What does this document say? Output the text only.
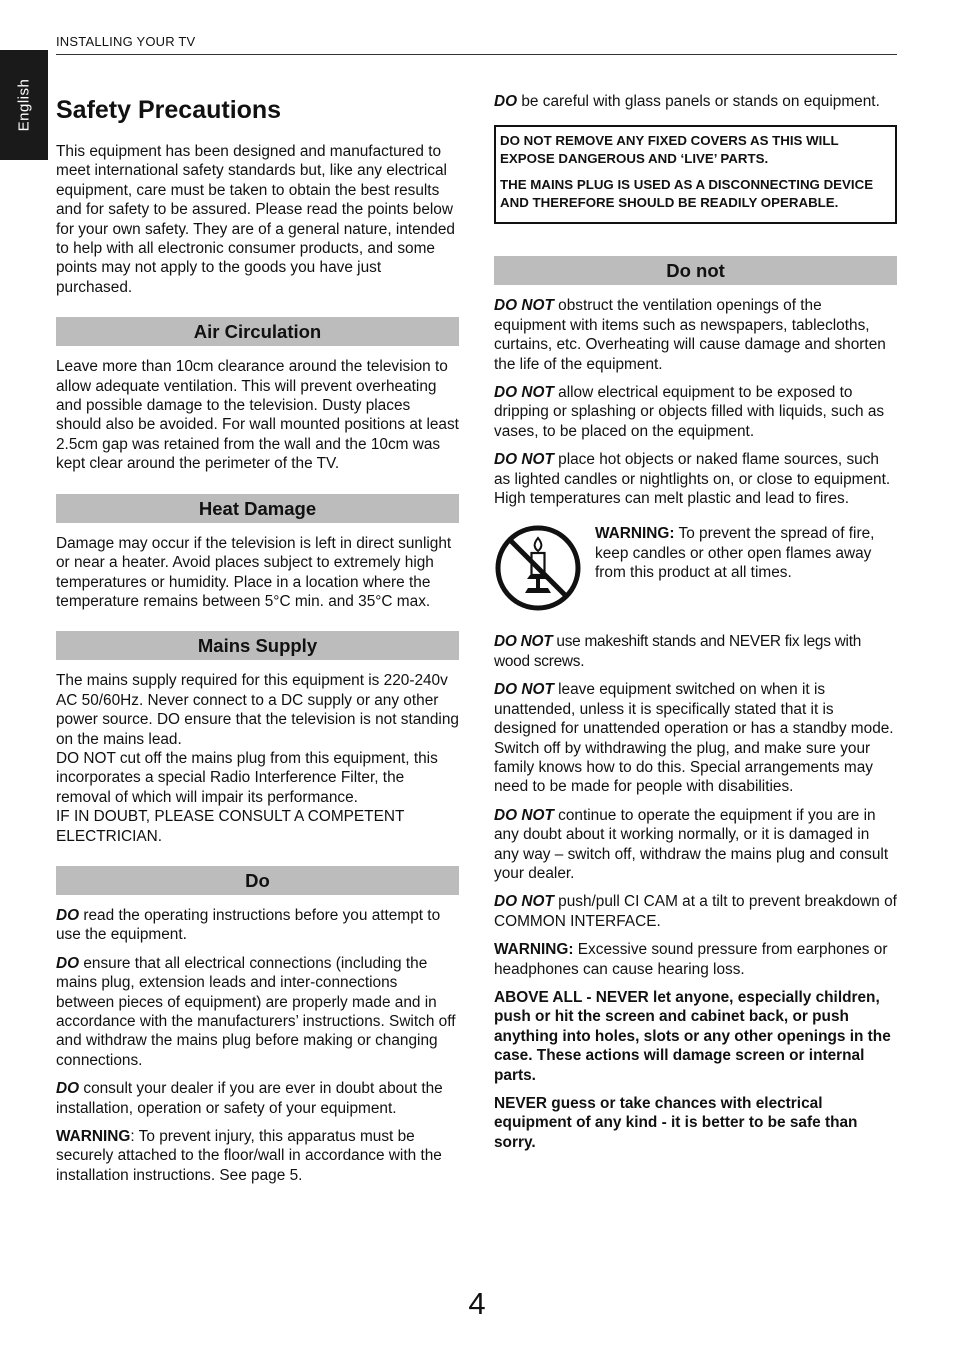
English
INSTALLING YOUR TV
Safety Precautions

This equipment has been designed and manufactured to meet international safety standards but, like any electrical equipment, care must be taken to obtain the best results and for safety to be assured. Please read the points below for your own safety. They are of a general nature, intended to help with all electronic consumer products, and some points may not apply to the goods you have just purchased.

Air Circulation

Leave more than 10cm clearance around the television to allow adequate ventilation. This will prevent overheating and possible damage to the television. Dusty places should also be avoided. For wall mounted positions at least 2.5cm gap was retained from the wall and the 10cm was kept clear around the perimeter of the TV.

Heat Damage

Damage may occur if the television is left in direct sunlight or near a heater. Avoid places subject to extremely high temperatures or humidity. Place in a location where the temperature remains between 5°C min. and 35°C max.

Mains Supply

The mains supply required for this equipment is 220-240v AC 50/60Hz. Never connect to a DC supply or any other power source. DO ensure that the television is not standing on the mains lead.
DO NOT cut off the mains plug from this equipment, this incorporates a special Radio Interference Filter, the removal of which will impair its performance.
IF IN DOUBT, PLEASE CONSULT A COMPETENT ELECTRICIAN.

Do

DO read the operating instructions before you attempt to use the equipment.

DO ensure that all electrical connections (including the mains plug, extension leads and inter-connections between pieces of equipment) are properly made and in accordance with the manufacturers’ instructions. Switch off and withdraw the mains plug before making or changing connections.

DO consult your dealer if you are ever in doubt about the installation, operation or safety of your equipment.

WARNING: To prevent injury, this apparatus must be securely attached to the floor/wall in accordance with the installation instructions. See page 5.

DO be careful with glass panels or stands on equipment.

DO NOT REMOVE ANY FIXED COVERS AS THIS WILL EXPOSE DANGEROUS AND ‘LIVE’ PARTS.

THE MAINS PLUG IS USED AS A DISCONNECTING DEVICE AND THEREFORE SHOULD BE READILY OPERABLE.

Do not

DO NOT obstruct the ventilation openings of the equipment with items such as newspapers, tablecloths, curtains, etc. Overheating will cause damage and shorten the life of the equipment.

DO NOT allow electrical equipment to be exposed to dripping or splashing or objects filled with liquids, such as vases, to be placed on the equipment.

DO NOT place hot objects or naked flame sources, such as lighted candles or nightlights on, or close to equipment. High temperatures can melt plastic and lead to fires.

WARNING: To prevent the spread of fire, keep candles or other open flames away from this product at all times.

DO NOT use makeshift stands and NEVER fix legs with wood screws.

DO NOT leave equipment switched on when it is unattended, unless it is specifically stated that it is designed for unattended operation or has a standby mode. Switch off by withdrawing the plug, and make sure your family knows how to do this. Special arrangements may need to be made for people with disabilities.

DO NOT continue to operate the equipment if you are in any doubt about it working normally, or it is damaged in any way – switch off, withdraw the mains plug and consult your dealer.

DO NOT push/pull CI CAM at a tilt to prevent breakdown of COMMON INTERFACE.

WARNING: Excessive sound pressure from earphones or headphones can cause hearing loss.

ABOVE ALL - NEVER let anyone, especially children, push or hit the screen and cabinet back, or push anything into holes, slots or any other openings in the case. These actions will damage screen or internal parts.

NEVER guess or take chances with electrical equipment of any kind - it is better to be safe than sorry.

4
